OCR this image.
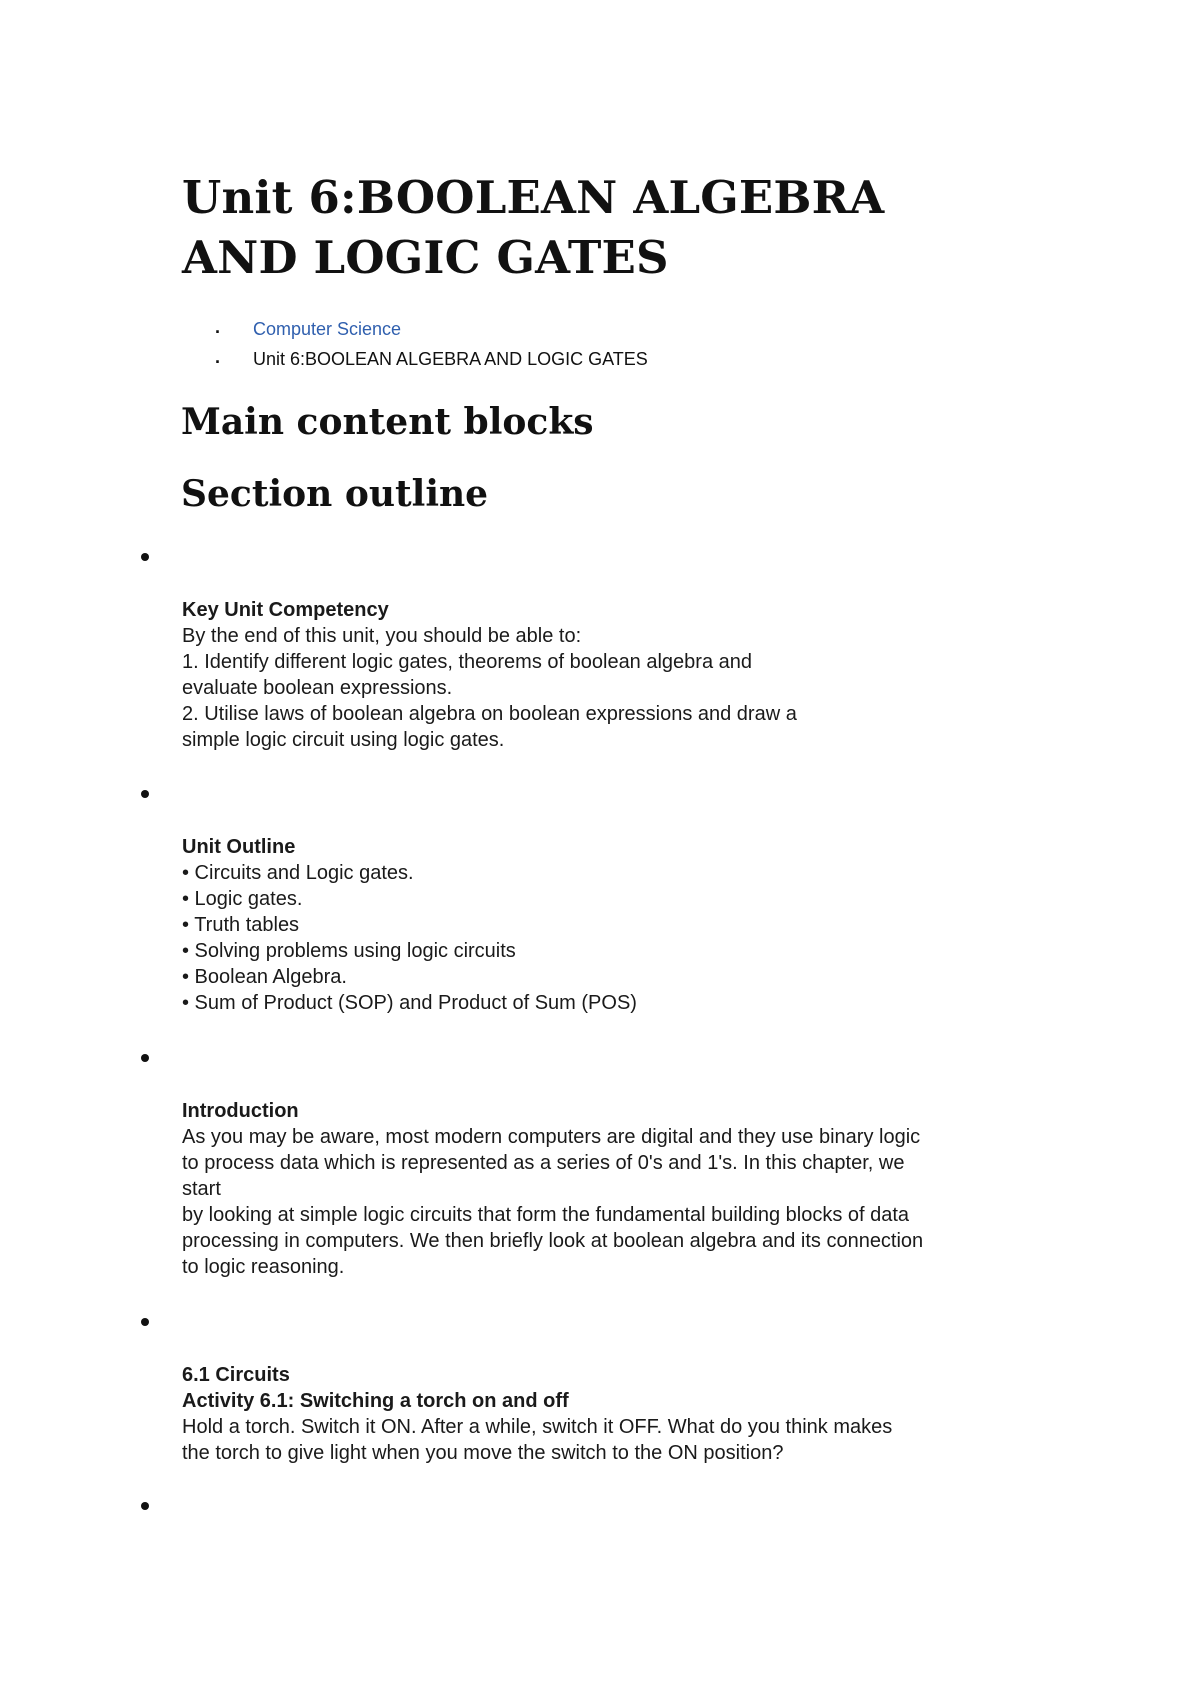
Unit 6:BOOLEAN ALGEBRA
AND LOGIC GATES
. Computer Science
. Unit 6:BOOLEAN ALGEBRA AND LOGIC GATES
Main content blocks
Section outline
Key Unit Competency
By the end of this unit, you should be able to:
1. Identify different logic gates, theorems of boolean algebra and
evaluate boolean expressions.
2. Utilise laws of boolean algebra on boolean expressions and draw a
simple logic circuit using logic gates.
Unit Outline
• Circuits and Logic gates.
• Logic gates.
• Truth tables
• Solving problems using logic circuits
• Boolean Algebra.
• Sum of Product (SOP) and Product of Sum (POS)
Introduction
As you may be aware, most modern computers are digital and they use binary logic
to process data which is represented as a series of 0's and 1's. In this chapter, we
start
by looking at simple logic circuits that form the fundamental building blocks of data
processing in computers. We then briefly look at boolean algebra and its connection
to logic reasoning.
6.1 Circuits
Activity 6.1: Switching a torch on and off
Hold a torch. Switch it ON. After a while, switch it OFF. What do you think makes
the torch to give light when you move the switch to the ON position?
